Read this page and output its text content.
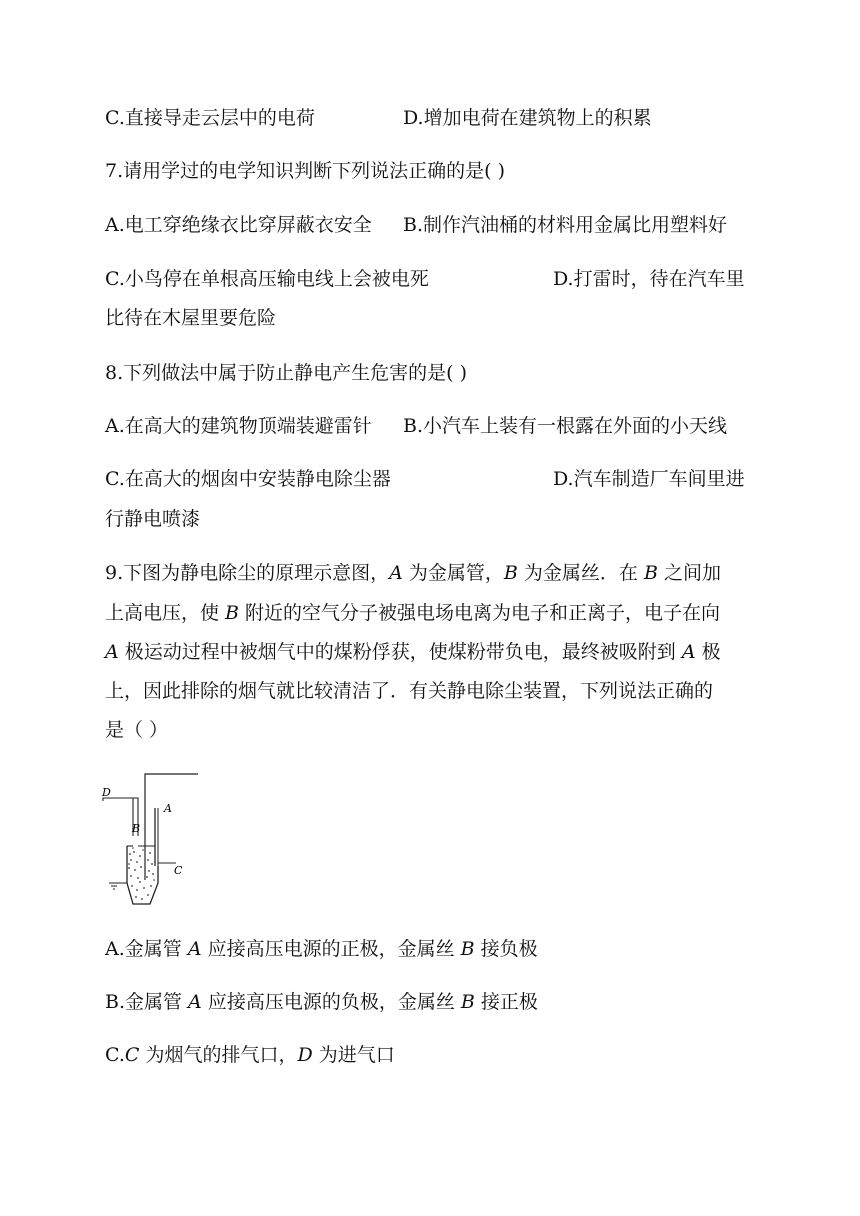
C.直接导走云层中的电荷	D.增加电荷在建筑物上的积累
7.请用学过的电学知识判断下列说法正确的是( )
A.电工穿绝缘衣比穿屏蔽衣安全 B.制作汽油桶的材料用金属比用塑料好
C.小鸟停在单根高压输电线上会被电死	D.打雷时，待在汽车里
比待在木屋里要危险
8.下列做法中属于防止静电产生危害的是( )
A.在高大的建筑物顶端装避雷针 B.小汽车上装有一根露在外面的小天线
C.在高大的烟囱中安装静电除尘器	D.汽车制造厂车间里进
行静电喷漆
9.下图为静电除尘的原理示意图，A 为金属管，B 为金属丝．在 B 之间加
上高电压，使 B 附近的空气分子被强电场电离为电子和正离子，电子在向
A 极运动过程中被烟气中的煤粉俘获，使煤粉带负电，最终被吸附到 A 极
上，因此排除的烟气就比较清洁了．有关静电除尘装置，下列说法正确的
是（ ）
D
A
B
C
A.金属管 A 应接高压电源的正极，金属丝 B 接负极
B.金属管 A 应接高压电源的负极，金属丝 B 接正极
C.C 为烟气的排气口，D 为进气口
